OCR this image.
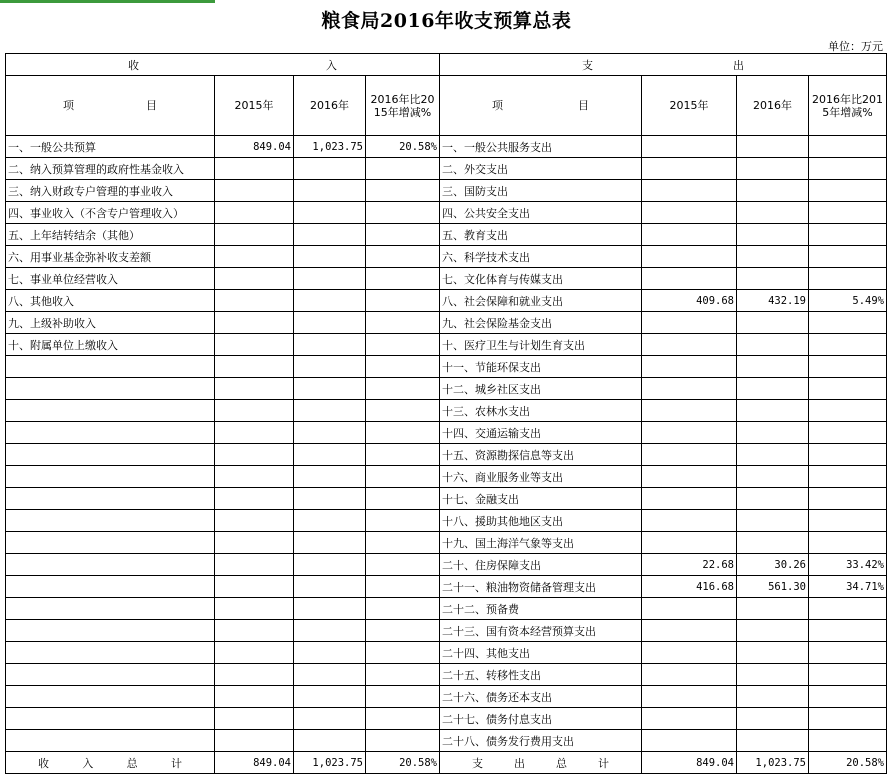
粮食局2016年收支预算总表
单位：万元
收 入				支 出			

项 目	2015年	2016年	2016年比2015年增减%	项 目	2015年	2016年	2016年比2015年增减%
一、一般公共预算	849.04	1,023.75	20.58%	一、一般公共服务支出			
二、纳入预算管理的政府性基金收入				二、外交支出			
三、纳入财政专户管理的事业收入				三、国防支出			
四、事业收入（不含专户管理收入）				四、公共安全支出			
五、上年结转结余（其他）				五、教育支出			
六、用事业基金弥补收支差额				六、科学技术支出			
七、事业单位经营收入				七、文化体育与传媒支出			
八、其他收入				八、社会保障和就业支出	409.68	432.19	5.49%
九、上级补助收入				九、社会保险基金支出			
十、附属单位上缴收入				十、医疗卫生与计划生育支出			
				十一、节能环保支出			
				十二、城乡社区支出			
				十三、农林水支出			
				十四、交通运输支出			
				十五、资源勘探信息等支出			
				十六、商业服务业等支出			
				十七、金融支出			
				十八、援助其他地区支出			
				十九、国土海洋气象等支出			
				二十、住房保障支出	22.68	30.26	33.42%
				二十一、粮油物资储备管理支出	416.68	561.30	34.71%
				二十二、预备费			
				二十三、国有资本经营预算支出			
				二十四、其他支出			
				二十五、转移性支出			
				二十六、债务还本支出			
				二十七、债务付息支出			
				二十八、债务发行费用支出			

收 入 总 计	849.04	1,023.75	20.58%	支 出 总 计	849.04	1,023.75	20.58%
